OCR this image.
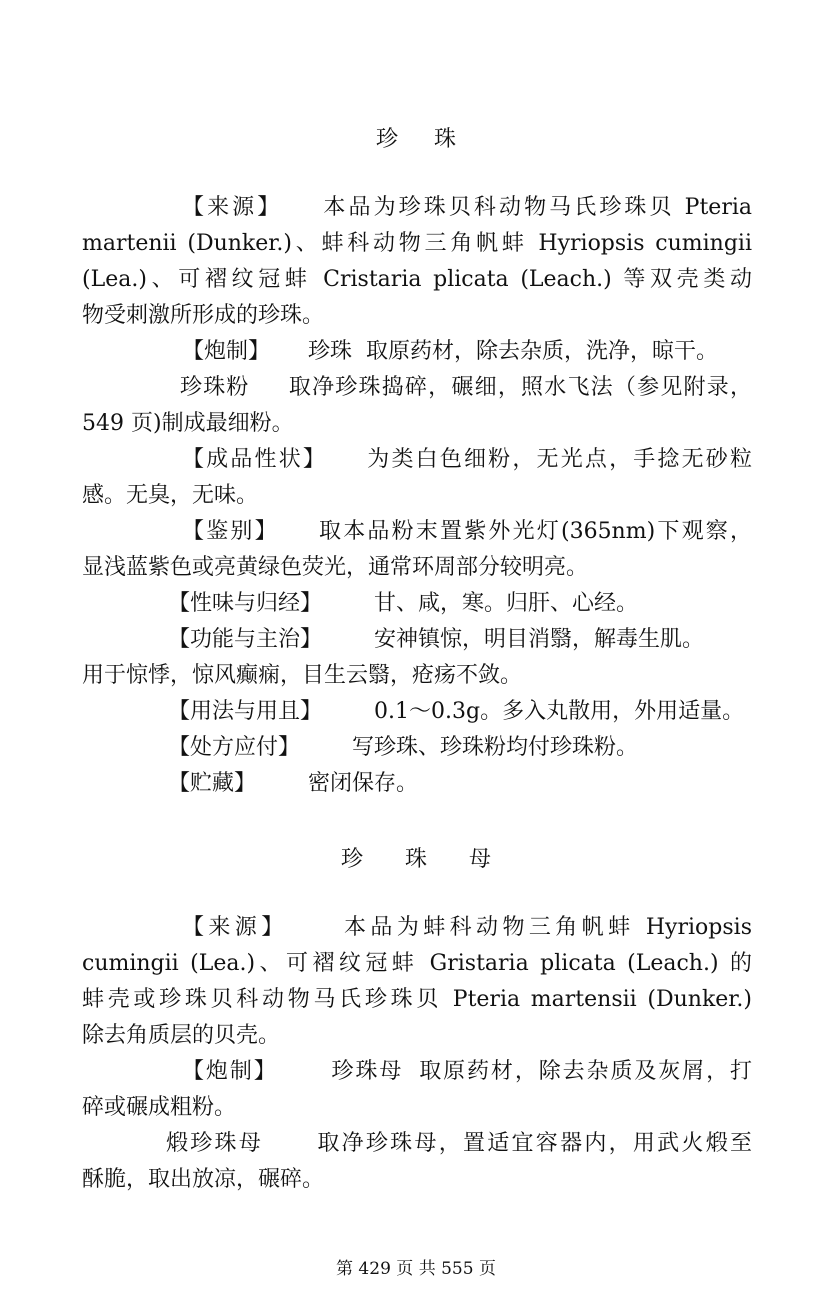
珍 珠
【来源】 本品为珍珠贝科动物马氏珍珠贝 Pteria
martenii (Dunker.)、蚌科动物三角帆蚌 Hyriopsis cumingii
(Lea.)、可褶纹冠蚌 Cristaria plicata (Leach.) 等双壳类动
物受刺激所形成的珍珠。
【炮制】 珍珠 取原药材，除去杂质，洗净，晾干。
珍珠粉 取净珍珠捣碎，碾细，照水飞法（参见附录，
549 页)制成最细粉。
【成品性状】 为类白色细粉，无光点，手捻无砂粒
感。无臭，无味。
【鉴别】 取本品粉末置紫外光灯(365nm)下观察，
显浅蓝紫色或亮黄绿色荧光，通常环周部分较明亮。
【性味与归经】 甘、咸，寒。归肝、心经。
【功能与主治】 安神镇惊，明目消翳，解毒生肌。
用于惊悸，惊风癫痫，目生云翳，疮疡不敛。
【用法与用且】 0.1～0.3g。多入丸散用，外用适量。
【处方应付】 写珍珠、珍珠粉均付珍珠粉。
【贮藏】 密闭保存。
珍 珠 母
【来源】 本品为蚌科动物三角帆蚌 Hyriopsis
cumingii (Lea.)、可褶纹冠蚌 Gristaria plicata (Leach.) 的
蚌壳或珍珠贝科动物马氏珍珠贝 Pteria martensii (Dunker.)
除去角质层的贝壳。
【炮制】 珍珠母 取原药材，除去杂质及灰屑，打
碎或碾成粗粉。
煅珍珠母 取净珍珠母，置适宜容器内，用武火煅至
酥脆，取出放凉，碾碎。
第 429 页 共 555 页
